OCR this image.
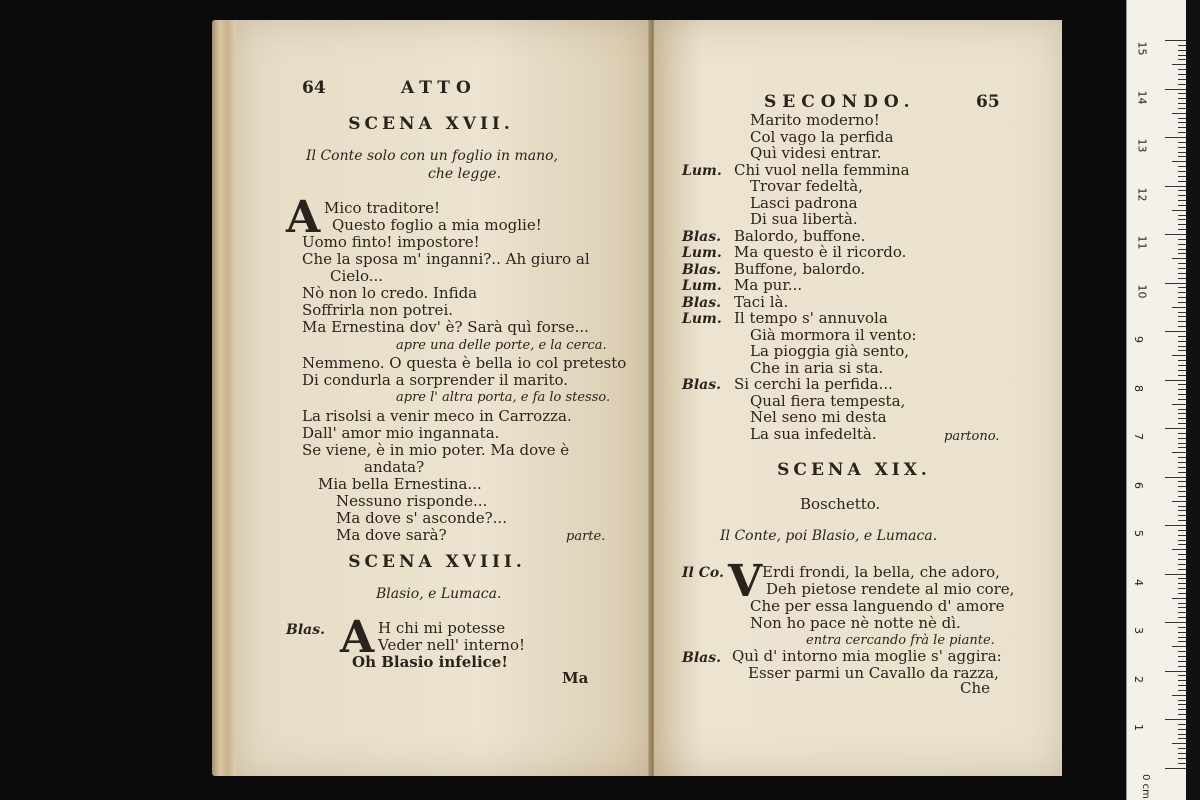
64	ATTO
SCENA XVII.
Il Conte solo con un foglio in mano,
che legge.
A Mico traditore!
Questo foglio a mia moglie!
Uomo finto! impostore!
Che la sposa m' inganni?.. Ah giuro al
Cielo...
Nò non lo credo. Infida
Soffrirla non potrei.
Ma Ernestina dov' è? Sarà quì forse...
apre una delle porte, e la cerca.
Nemmeno. O questa è bella io col pretesto
Di condurla a sorprender il marito.
apre l' altra porta, e fa lo stesso.
La risolsi a venir meco in Carrozza.
Dall' amor mio ingannata.
Se viene, è in mio poter. Ma dove è
andata?
Mia bella Ernestina...
Nessuno risponde...
Ma dove s' asconde?...
Ma dove sarà?	parte.
SCENA XVIII.
Blasio, e Lumaca.
Blas. A H chi mi potesse
Veder nell' interno!
Oh Blasio infelice!
Ma
SECONDO.	65
Marito moderno!
Col vago la perfida
Quì videsi entrar.
Lum. Chi vuol nella femmina
Trovar fedeltà,
Lasci padrona
Di sua libertà.
Blas. Balordo, buffone.
Lum. Ma questo è il ricordo.
Blas. Buffone, balordo.
Lum. Ma pur...
Blas. Taci là.
Lum. Il tempo s' annuvola
Già mormora il vento:
La pioggia già sento,
Che in aria si sta.
Blas. Si cerchi la perfida...
Qual fiera tempesta,
Nel seno mi desta
La sua infedeltà.	partono.
SCENA XIX.
Boschetto.
Il Conte, poi Blasio, e Lumaca.
Il Co. V Erdi frondi, la bella, che adoro,
Deh pietose rendete al mio core,
Che per essa languendo d' amore
Non ho pace nè notte nè dì.
entra cercando frà le piante.
Blas. Quì d' intorno mia moglie s' aggira:
Esser parmi un Cavallo da razza,
Che
0 cm
15
14
13
12
11
10
9
8
7
6
5
4
3
2
1
